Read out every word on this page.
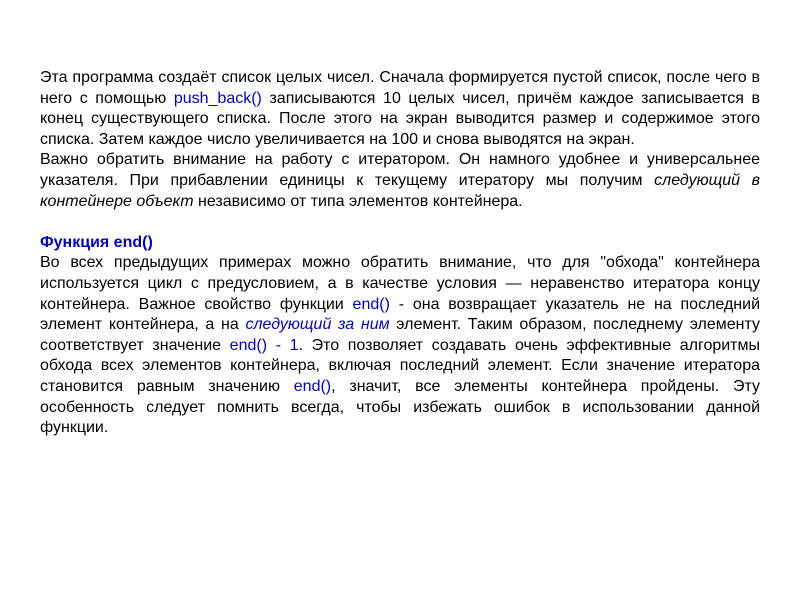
Эта программа создаёт список целых чисел. Сначала формируется пустой список, после чего в него с помощью push_back() записываются 10 целых чисел, причём каждое записывается в конец существующего списка. После этого на экран выводится размер и содержимое этого списка. Затем каждое число увеличивается на 100 и снова выводятся на экран.

Важно обратить внимание на работу с итератором. Он намного удобнее и универсальнее указателя. При прибавлении единицы к текущему итератору мы получим следующий в контейнере объект независимо от типа элементов контейнера.

Функция end()

Во всех предыдущих примерах можно обратить внимание, что для "обхода" контейнера используется цикл с предусловием, а в качестве условия — неравенство итератора концу контейнера. Важное свойство функции end() - она возвращает указатель не на последний элемент контейнера, а на следующий за ним элемент. Таким образом, последнему элементу соответствует значение end() - 1. Это позволяет создавать очень эффективные алгоритмы обхода всех элементов контейнера, включая последний элемент. Если значение итератора становится равным значению end(), значит, все элементы контейнера пройдены. Эту особенность следует помнить всегда, чтобы избежать ошибок в использовании данной функции.
